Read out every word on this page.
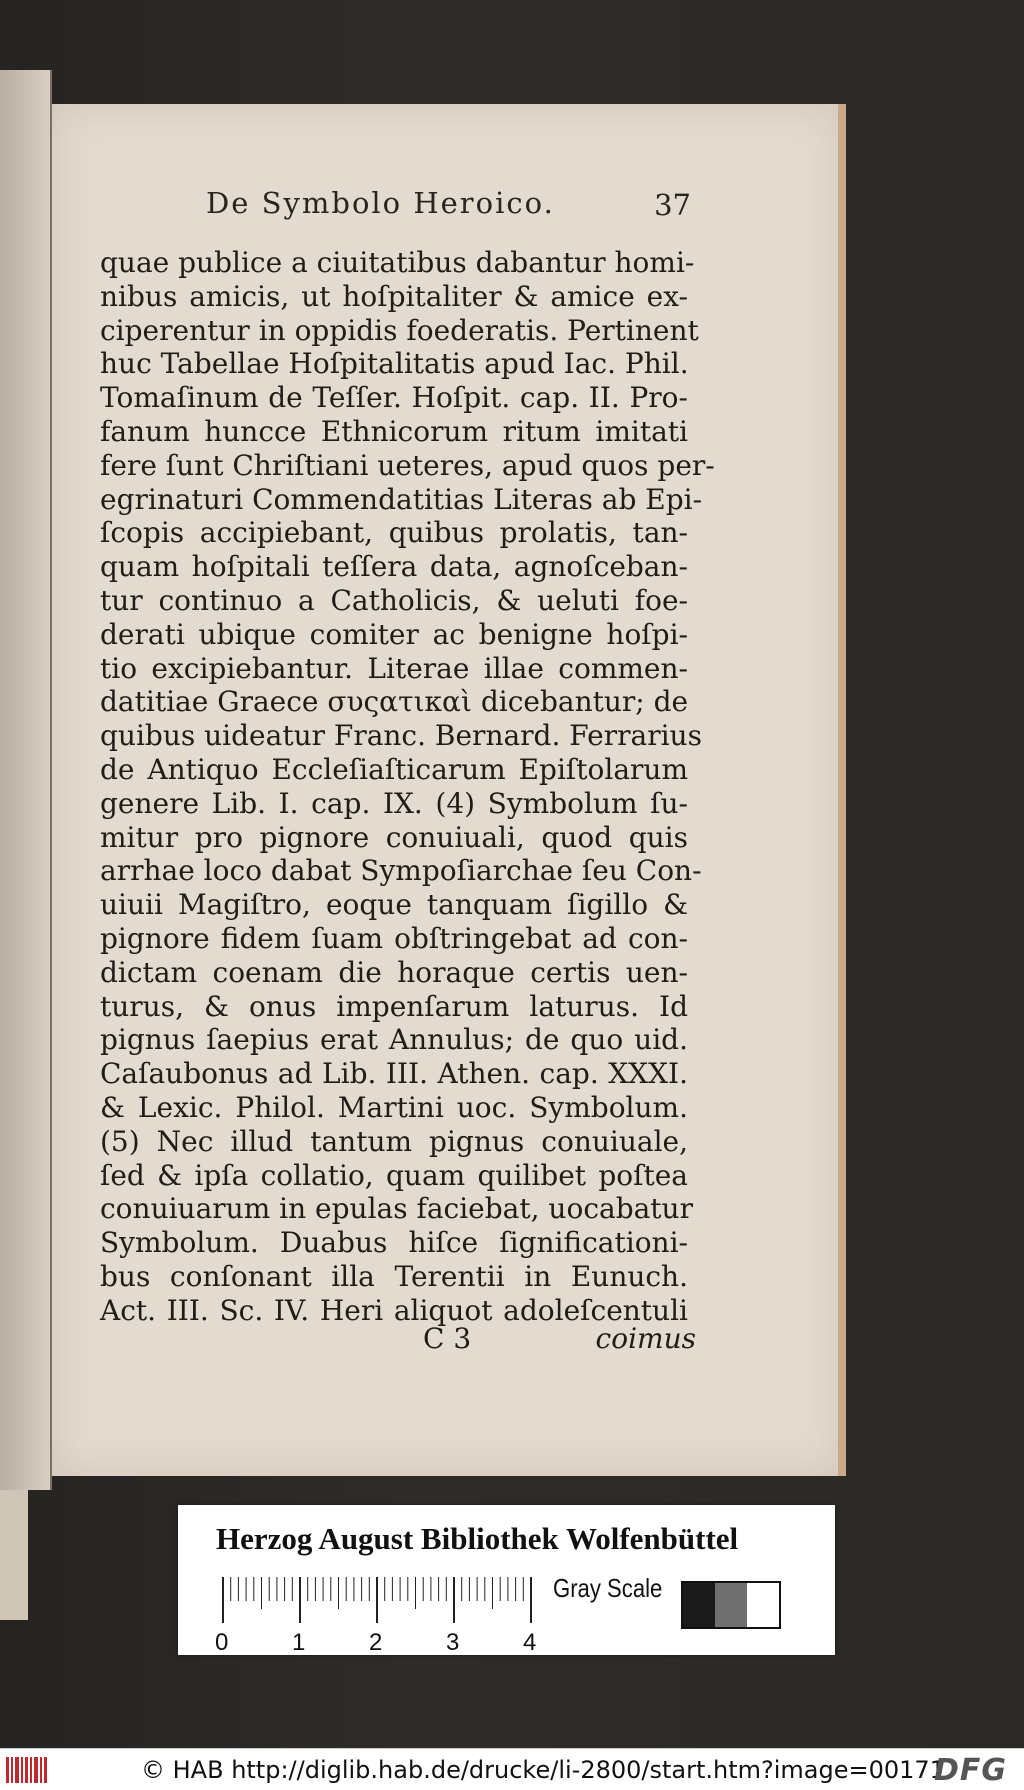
De Symbolo Heroico.	37
quae publice a ciuitatibus dabantur homi-
nibus amicis, ut hoſpitaliter & amice ex-
ciperentur in oppidis foederatis. Pertinent
huc Tabellae Hoſpitalitatis apud Iac. Phil.
Tomaſinum de Teſſer. Hoſpit. cap. II. Pro-
fanum huncce Ethnicorum ritum imitati
fere ſunt Chriſtiani ueteres, apud quos per-
egrinaturi Commendatitias Literas ab Epi-
ſcopis accipiebant, quibus prolatis, tan-
quam hoſpitali teſſera data, agnoſceban-
tur continuo a Catholicis, & ueluti foe-
derati ubique comiter ac benigne hoſpi-
tio excipiebantur. Literae illae commen-
datitiae Graece συςατικαὶ dicebantur; de
quibus uideatur Franc. Bernard. Ferrarius
de Antiquo Eccleſiaſticarum Epiſtolarum
genere Lib. I. cap. IX. (4) Symbolum ſu-
mitur pro pignore conuiuali, quod quis
arrhae loco dabat Sympoſiarchae ſeu Con-
uiuii Magiſtro, eoque tanquam ſigillo &
pignore fidem ſuam obſtringebat ad con-
dictam coenam die horaque certis uen-
turus, & onus impenſarum laturus. Id
pignus ſaepius erat Annulus; de quo uid.
Caſaubonus ad Lib. III. Athen. cap. XXXI.
& Lexic. Philol. Martini uoc. Symbolum.
(5) Nec illud tantum pignus conuiuale,
ſed & ipſa collatio, quam quilibet poſtea
conuiuarum in epulas faciebat, uocabatur
Symbolum. Duabus hiſce ſignificationi-
bus conſonant illa Terentii in Eunuch.
Act. III. Sc. IV. Heri aliquot adoleſcentuli
C 3	coimus
Herzog August Bibliothek Wolfenbüttel
0	1	2	3	4
Gray Scale
© HAB http://diglib.hab.de/drucke/li-2800/start.htm?image=00171
DFG
